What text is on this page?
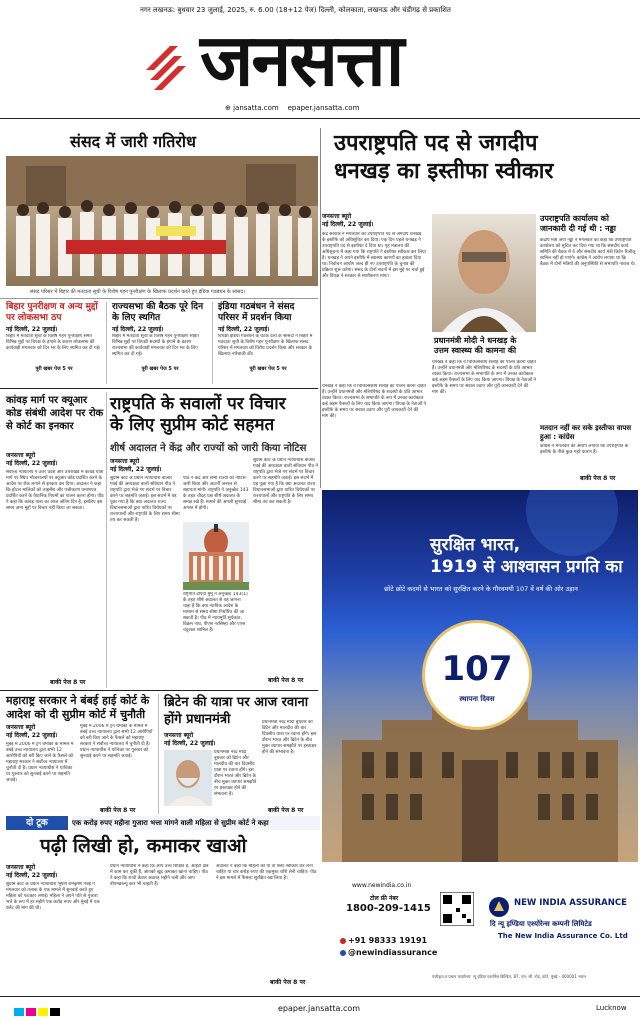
नगर लखनऊ: बुधवार 23 जुलाई, 2025, रु. 6.00 (18+12 पेज) दिल्ली, कोलकाता, लखनऊ और चंडीगढ़ से प्रकाशित
जनसत्ता
⊕ jansatta.com epaper.jansatta.com
संसद में जारी गतिरोध
संसद परिसर में बिहार की मतदाता सूची के विशेष गहन पुनरीक्षण के खिलाफ प्रदर्शन करते हुए इंडिया गठबंधन के सांसद।
बिहार पुनरीक्षण व अन्य मुद्दों पर लोकसभा ठप
नई दिल्ली, 22 जुलाई।
बिहार में मतदाता सूची के विशेष गहन पुनरीक्षण समेत विभिन्न मुद्दों पर विपक्ष के हंगामे के कारण लोकसभा की कार्यवाही मंगलवार को दिन भर के लिए स्थगित कर दी गई।
पूरी खबर पेज 5 पर
राज्यसभा की बैठक पूरे दिन के लिए स्थगित
नई दिल्ली, 22 जुलाई।
बिहार में मतदाता सूची के विशेष गहन पुनरीक्षण सहित विभिन्न मुद्दों पर विपक्षी सदस्यों के हंगामे के कारण राज्यसभा की कार्यवाही मंगलवार को दिन भर के लिए स्थगित कर दी गई।
पूरी खबर पेज 5 पर
इंडिया गठबंधन ने संसद परिसर में प्रदर्शन किया
नई दिल्ली, 22 जुलाई।
विपक्षी इंडिया गठबंधन के घटक दलों के सांसदों ने बिहार में मतदाता सूची के विशेष गहन पुनरीक्षण के खिलाफ संसद परिसर में मंगलवार को विरोध प्रदर्शन किया और सरकार के खिलाफ नारेबाजी की।
पूरी खबर पेज 5 पर
उपराष्ट्रपति पद से जगदीप
धनखड़ का इस्तीफा स्वीकार
जनसत्ता ब्यूरो
नई दिल्ली, 22 जुलाई।
केंद्र सरकार ने मंगलवार को उपराष्ट्रपति पद से जगदीप धनखड़ के इस्तीफे को अधिसूचित कर दिया। एक दिन पहले धनखड़ ने उपराष्ट्रपति पद से इस्तीफा दे दिया था। गृह मंत्रालय की अधिसूचना में कहा गया कि राष्ट्रपति ने इस्तीफा स्वीकार कर लिया है। धनखड़ ने अपने इस्तीफे में स्वास्थ्य कारणों का हवाला दिया था। निर्वाचन आयोग जल्द ही नए उपराष्ट्रपति के चुनाव की प्रक्रिया शुरू करेगा। संसद के दोनों सदनों में इस मुद्दे पर चर्चा हुई और विपक्ष ने सरकार से स्पष्टीकरण मांगा।
धनखड़ ने कहा कि वे चिकित्सकीय सलाह का पालन करना चाहते हैं। उन्होंने प्रधानमंत्री और मंत्रिपरिषद के सदस्यों के प्रति आभार व्यक्त किया। राज्यसभा के सभापति के रूप में उनका कार्यकाल कई अहम फैसलों के लिए याद किया जाएगा। विपक्ष के नेताओं ने इस्तीफे के समय पर सवाल उठाए और पूरी जानकारी देने की मांग की।
प्रधानमंत्री मोदी ने धनखड़ के
उत्तम स्वास्थ्य की कामना की
धनखड़ ने कहा कि वे चिकित्सकीय सलाह का पालन करना चाहते हैं। उन्होंने प्रधानमंत्री और मंत्रिपरिषद के सदस्यों के प्रति आभार व्यक्त किया। राज्यसभा के सभापति के रूप में उनका कार्यकाल कई अहम फैसलों के लिए याद किया जाएगा। विपक्ष के नेताओं ने इस्तीफे के समय पर सवाल उठाए और पूरी जानकारी देने की मांग की।
उपराष्ट्रपति कार्यालय को जानकारी दी गई थी : नड्डा
केंद्रीय मंत्री जेपी नड्डा ने मंगलवार को कहा कि उपराष्ट्रपति कार्यालय को सूचित कर दिया गया था कि संसदीय कार्य समिति की बैठक में वे और संसदीय कार्य मंत्री किरेन रिजीजू शामिल नहीं हो पाएंगे। कांग्रेस ने आरोप लगाया था कि बैठक में दोनों मंत्रियों की अनुपस्थिति से सभापति नाराज थे।
मतदान नहीं कर सके इस्तीफा वापस हुआ : कांग्रेस
कांग्रेस ने मंगलवार को आरोप लगाया कि उपराष्ट्रपति के इस्तीफे के पीछे कुछ गहरे कारण हैं।
बाकी पेज 8 पर
कांवड़ मार्ग पर क्यूआर कोड संबंधी आदेश पर रोक से कोर्ट का इनकार
जनसत्ता ब्यूरो
नई दिल्ली, 22 जुलाई।
सर्वोच्च न्यायालय ने उत्तर प्रदेश और उत्तराखंड में कांवड़ यात्रा मार्ग पर स्थित भोजनालयों पर क्यूआर कोड प्रदर्शित करने के आदेश पर रोक लगाने से इनकार कर दिया। अदालत ने कहा कि होटल मालिकों को लाइसेंस और पंजीकरण प्रमाणपत्र प्रदर्शित करने के वैधानिक नियमों का पालन करना होगा। पीठ ने कहा कि कांवड़ यात्रा का आज अंतिम दिन है, इसलिए इस समय अन्य मुद्दों पर विचार नहीं किया जा सकता।
बाकी पेज 8 पर
राष्ट्रपति के सवालों पर विचार
के लिए सुप्रीम कोर्ट सहमत
शीर्ष अदालत ने केंद्र और राज्यों को जारी किया नोटिस
जनसत्ता ब्यूरो
नई दिल्ली, 22 जुलाई।
सुप्रीम कोर्ट के प्रधान न्यायाधीश बीआर गवई की अध्यक्षता वाली संविधान पीठ ने राष्ट्रपति द्वारा भेजे गए संदर्भ पर विचार करने पर सहमति जताई। इस संदर्भ में यह पूछा गया है कि क्या अदालत राज्य विधानसभाओं द्वारा पारित विधेयकों पर राज्यपालों और राष्ट्रपति के लिए समय सीमा तय कर सकती है।
पीठ ने केंद्र और सभी राज्यों को नोटिस जारी किया और अटार्नी जनरल से सहायता मांगी। राष्ट्रपति ने अनुच्छेद 143 के तहत चौदह प्रश्न शीर्ष अदालत के समक्ष रखे हैं। मामले की अगली सुनवाई अगस्त में होगी।
राष्ट्रपति द्रौपदी मुर्मू ने अनुच्छेद 143(1) के तहत शीर्ष अदालत से यह जानना चाहा है कि क्या न्यायिक आदेश के माध्यम से समय सीमा निर्धारित की जा सकती है। पीठ में न्यायमूर्ति सूर्यकांत, विक्रम नाथ, पीएस नरसिम्हा और एएस चंदुरकर शामिल हैं।
सुप्रीम कोर्ट के प्रधान न्यायाधीश बीआर गवई की अध्यक्षता वाली संविधान पीठ ने राष्ट्रपति द्वारा भेजे गए संदर्भ पर विचार करने पर सहमति जताई। इस संदर्भ में यह पूछा गया है कि क्या अदालत राज्य विधानसभाओं द्वारा पारित विधेयकों पर राज्यपालों और राष्ट्रपति के लिए समय सीमा तय कर सकती है।
बाकी पेज 8 पर
महाराष्ट्र सरकार ने बंबई हाई कोर्ट के आदेश को दी सुप्रीम कोर्ट में चुनौती
जनसत्ता ब्यूरो
नई दिल्ली, 22 जुलाई।
मुंबई में 2006 में ट्रेन धमाकों के मामले में बंबई उच्च न्यायालय द्वारा सभी 12 आरोपियों को बरी किए जाने के फैसले को महाराष्ट्र सरकार ने सर्वोच्च न्यायालय में चुनौती दी है। प्रधान न्यायाधीश ने याचिका पर गुरुवार को सुनवाई करने पर सहमति जताई।
मुंबई में 2006 में ट्रेन धमाकों के मामले में बंबई उच्च न्यायालय द्वारा सभी 12 आरोपियों को बरी किए जाने के फैसले को महाराष्ट्र सरकार ने सर्वोच्च न्यायालय में चुनौती दी है। प्रधान न्यायाधीश ने याचिका पर गुरुवार को सुनवाई करने पर सहमति जताई।
बाकी पेज 8 पर
ब्रिटेन की यात्रा पर आज रवाना होंगे प्रधानमंत्री
जनसत्ता ब्यूरो
नई दिल्ली, 22 जुलाई।
प्रधानमंत्री नरेंद्र मोदी बुधवार को ब्रिटेन और मालदीव की चार दिवसीय यात्रा पर रवाना होंगे। इस दौरान भारत और ब्रिटेन के बीच मुक्त व्यापार समझौते पर हस्ताक्षर होने की संभावना है।
प्रधानमंत्री नरेंद्र मोदी बुधवार को ब्रिटेन और मालदीव की चार दिवसीय यात्रा पर रवाना होंगे। इस दौरान भारत और ब्रिटेन के बीच मुक्त व्यापार समझौते पर हस्ताक्षर होने की संभावना है।
बाकी पेज 8 पर
दो टूक	एक करोड़ रुपए महीना गुजारा भत्ता मांगने वाली महिला से सुप्रीम कोर्ट ने कहा
पढ़ी लिखी हो, कमाकर खाओ
जनसत्ता ब्यूरो
नई दिल्ली, 22 जुलाई।
सुप्रीम कोर्ट के प्रधान न्यायाधीश भूषण रामकृष्ण गवई ने मंगलवार को तलाक के एक मामले में सुनवाई करते हुए महिला को फटकार लगाई। महिला ने अपने पति से गुजारा भत्ते के रूप में हर महीने एक करोड़ रुपए और मुंबई में एक फ्लैट की मांग की थी।
प्रधान न्यायाधीश ने कहा कि आप उच्च शिक्षित हैं, आईटी क्षेत्र में काम कर चुकी हैं, आपको खुद कमाकर खाना चाहिए। पीठ ने कहा कि शादी केवल अठारह महीने चली और आप बीएमडब्ल्यू कार भी चाहती हैं।
अदालत ने कहा कि महिला को या तो फ्लैट स्वीकार कर लेना चाहिए या चार करोड़ रुपए की एकमुश्त राशि लेनी चाहिए। पीठ ने इस मामले में फैसला सुरक्षित रख लिया है।
बाकी पेज 8 पर
सुरक्षित भारत,
1919 से आश्वासन प्रगति का
छोटे छोटे कदमों से भारत को सुरक्षित करने के गौरवमयी 107 वें वर्ष की ओर उड़ान
107
स्थापना दिवस
www.newindia.co.in
टोल फ्री नंबर
1800-209-1415
+91 98333 19191
@newindiassurance
NEW INDIA ASSURANCE
दि न्यू इण्डिया एश्योरेन्स कम्पनी लिमिटेड
The New India Assurance Co. Ltd
पंजीकृत व प्रधान कार्यालय: न्यू इंडिया एश्योरेंस बिल्डिंग, 87, एम. जी. रोड, फोर्ट, मुंबई - 400001 भारत
epaper.jansatta.com	Lucknow
